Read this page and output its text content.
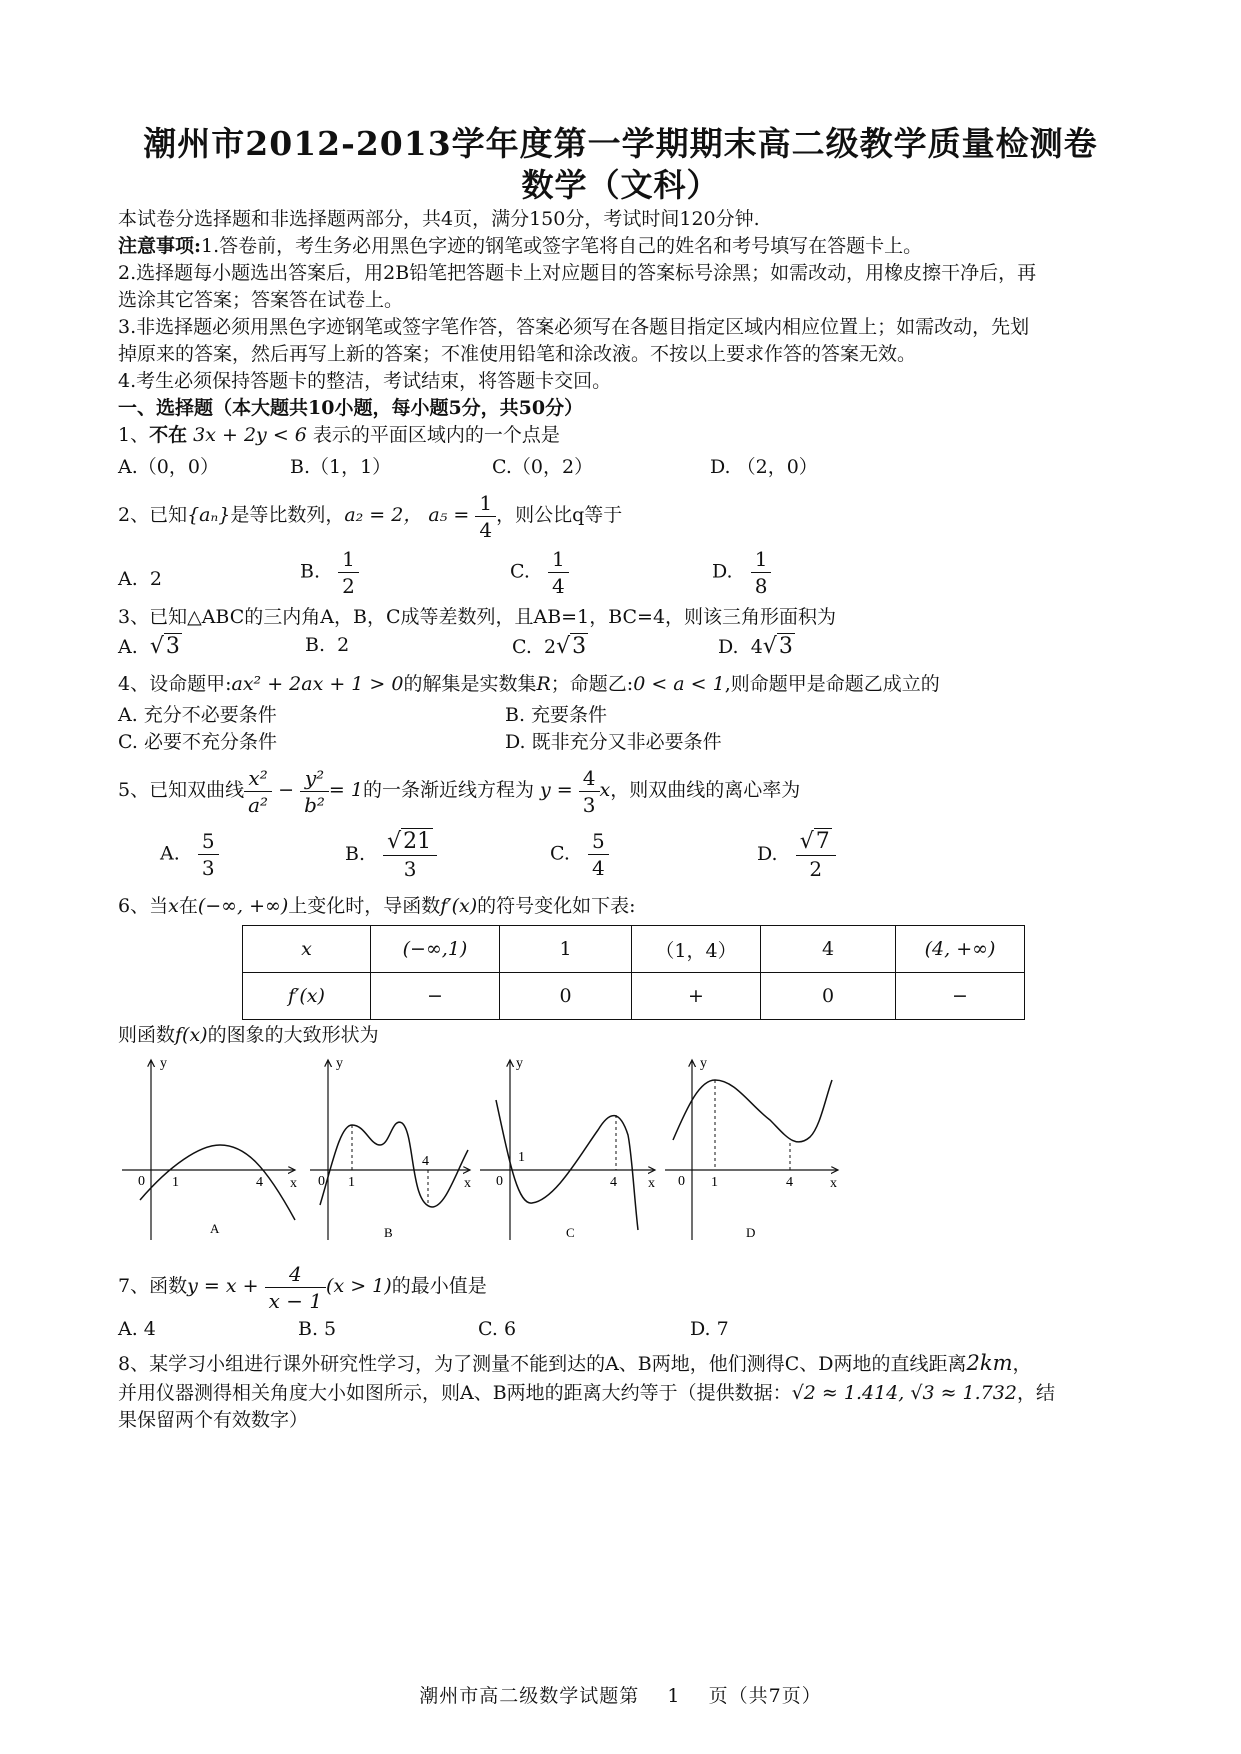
潮州市2012-2013学年度第一学期期末高二级教学质量检测卷
数学（文科）
本试卷分选择题和非选择题两部分，共4页，满分150分，考试时间120分钟.
注意事项:1.答卷前，考生务必用黑色字迹的钢笔或签字笔将自己的姓名和考号填写在答题卡上。
2.选择题每小题选出答案后，用2B铅笔把答题卡上对应题目的答案标号涂黑；如需改动，用橡皮擦干净后，再
选涂其它答案；答案答在试卷上。
3.非选择题必须用黑色字迹钢笔或签字笔作答，答案必须写在各题目指定区域内相应位置上；如需改动，先划
掉原来的答案，然后再写上新的答案；不准使用铅笔和涂改液。不按以上要求作答的答案无效。
4.考生必须保持答题卡的整洁，考试结束，将答题卡交回。
一、选择题（本大题共10小题，每小题5分，共50分）
1、不在 3x + 2y < 6 表示的平面区域内的一个点是
A.（0，0）	B.（1，1）	C.（0，2）	D. （2，0）
2、已知{aₙ}是等比数列，a₂ = 2， $a_5 = \frac{1}{4}$ ，则公比q等于
A. 2	B. $\frac{1}{2}$	C. $\frac{1}{4}$	D. $\frac{1}{8}$
3、已知△ABC的三内角A，B，C成等差数列，且AB=1，BC=4，则该三角形面积为
A. √3	B. 2	C. 2√3	D. 4√3
4、设命题甲:ax² + 2ax + 1 > 0的解集是实数集R；命题乙:0 < a < 1,则命题甲是命题乙成立的
A. 充分不必要条件	B. 充要条件
C. 必要不充分条件	D. 既非充分又非必要条件
5、已知双曲线 $\frac{\text{x²}}{\text{a²}} - \frac{\text{y²}}{\text{b²}} = 1$的一条渐近线方程为 $y = \frac{4}{3}$ x，则双曲线的离心率为
A. $\frac{5}{3}$	B. $\frac{√21}{3}$	C. $\frac{5}{4}$	D. $\frac{√7}{2}$
6、当x在(−∞, +∞)上变化时，导函数f′(x)的符号变化如下表:
x	(−∞,1)	1	（1，4）	4	(4, +∞)
f′(x)	−	0	+	0	−
则函数f(x)的图象的大致形状为
y
x
0 1	4
A
y
x
0 1
4
B
y
x
0
1
4
C
y
x
0 1	4
D
7、函数$y = x + \frac{4}{x - 1} (x > 1)$的最小值是
A. 4	B. 5	C. 6	D. 7
8、某学习小组进行课外研究性学习，为了测量不能到达的A、B两地，他们测得C、D两地的直线距离2km，
并用仪器测得相关角度大小如图所示，则A、B两地的距离大约等于（提供数据：√2 ≈ 1.414, √3 ≈ 1.732，结
果保留两个有效数字）
潮州市高二级数学试题第 1 页（共7页）
